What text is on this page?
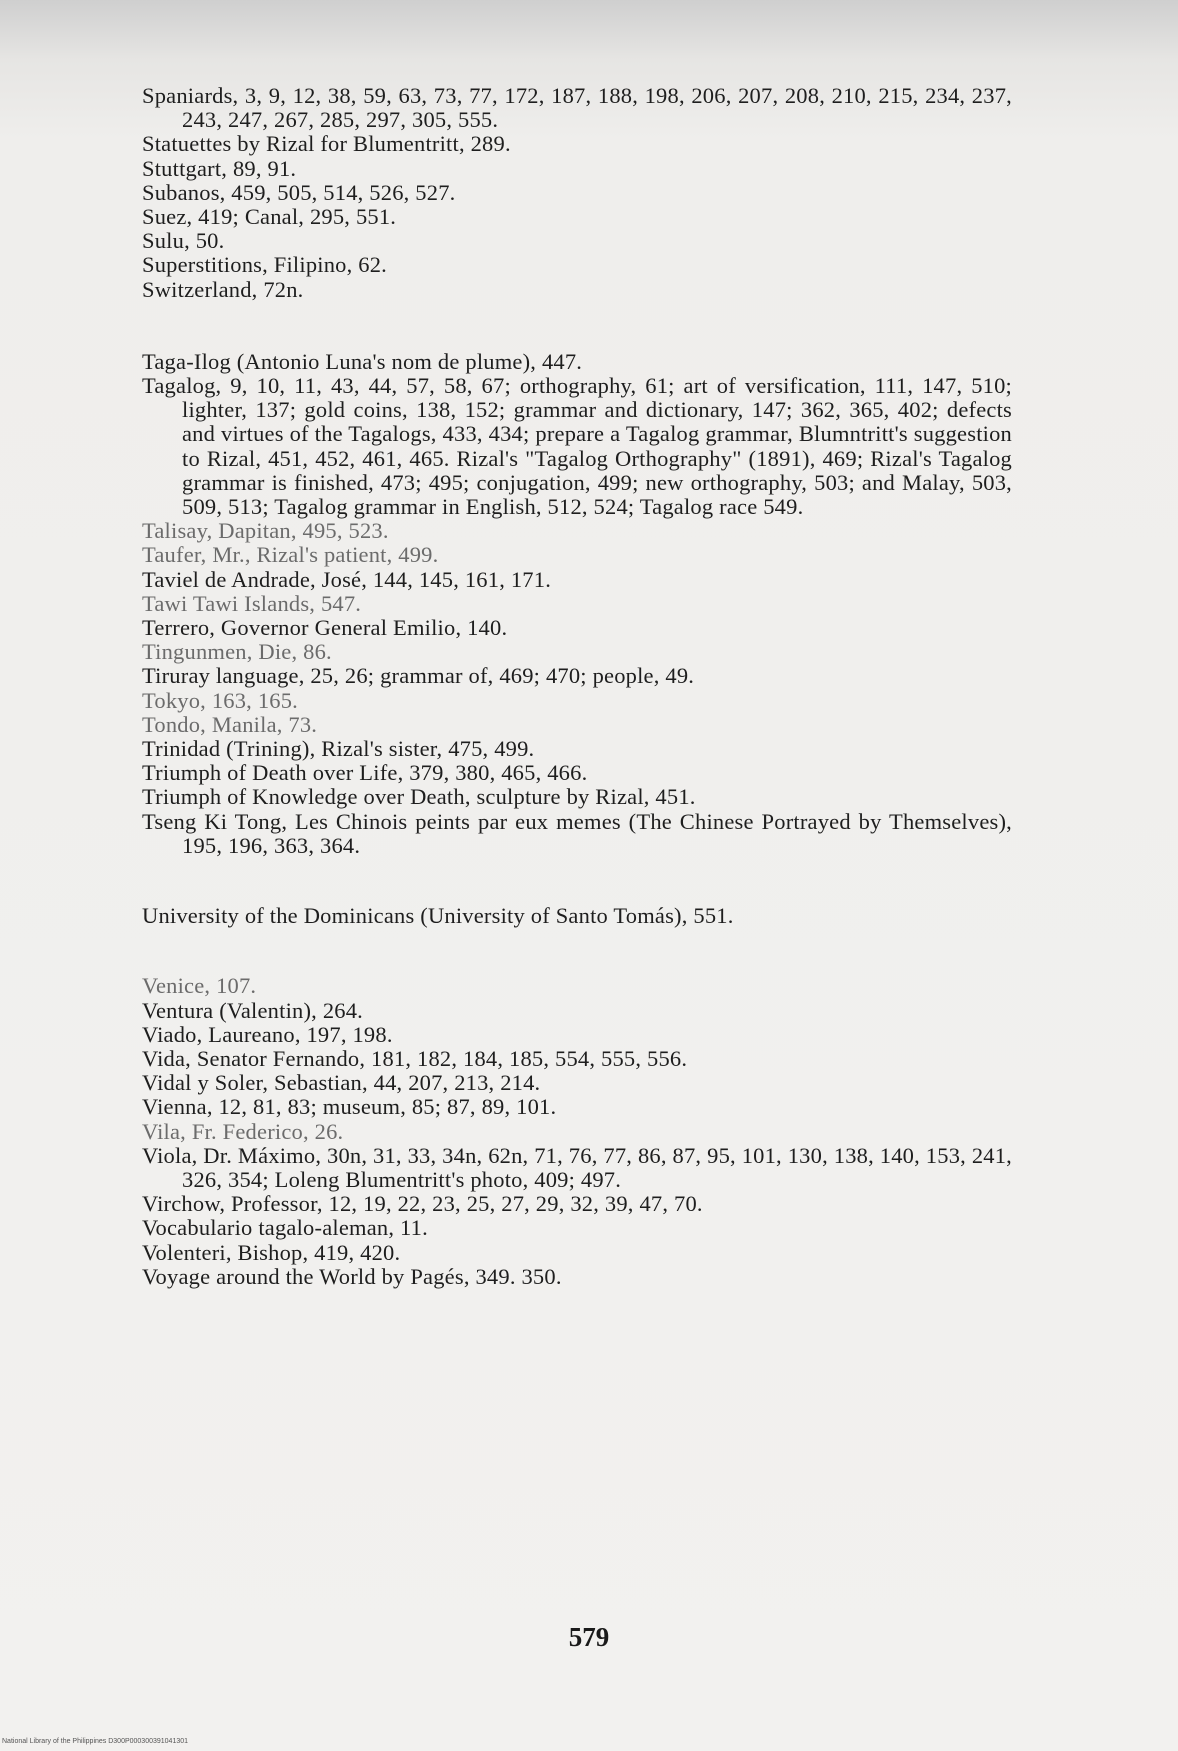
Spaniards, 3, 9, 12, 38, 59, 63, 73, 77, 172, 187, 188, 198, 206, 207, 208, 210, 215, 234, 237, 243, 247, 267, 285, 297, 305, 555.

Statuettes by Rizal for Blumentritt, 289.

Stuttgart, 89, 91.

Subanos, 459, 505, 514, 526, 527.

Suez, 419; Canal, 295, 551.

Sulu, 50.

Superstitions, Filipino, 62.

Switzerland, 72n.

Taga-Ilog (Antonio Luna's nom de plume), 447.

Tagalog, 9, 10, 11, 43, 44, 57, 58, 67; orthography, 61; art of versification, 111, 147, 510; lighter, 137; gold coins, 138, 152; grammar and dictionary, 147; 362, 365, 402; defects and virtues of the Tagalogs, 433, 434; prepare a Tagalog grammar, Blumntritt's suggestion to Rizal, 451, 452, 461, 465. Rizal's "Tagalog Orthography" (1891), 469; Rizal's Tagalog grammar is finished, 473; 495; conjugation, 499; new orthography, 503; and Malay, 503, 509, 513; Tagalog grammar in English, 512, 524; Tagalog race 549.

Talisay, Dapitan, 495, 523.

Taufer, Mr., Rizal's patient, 499.

Taviel de Andrade, José, 144, 145, 161, 171.

Tawi Tawi Islands, 547.

Terrero, Governor General Emilio, 140.

Tingunmen, Die, 86.

Tiruray language, 25, 26; grammar of, 469; 470; people, 49.

Tokyo, 163, 165.

Tondo, Manila, 73.

Trinidad (Trining), Rizal's sister, 475, 499.

Triumph of Death over Life, 379, 380, 465, 466.

Triumph of Knowledge over Death, sculpture by Rizal, 451.

Tseng Ki Tong, Les Chinois peints par eux memes (The Chinese Portrayed by Themselves), 195, 196, 363, 364.

University of the Dominicans (University of Santo Tomás), 551.

Venice, 107.

Ventura (Valentin), 264.

Viado, Laureano, 197, 198.

Vida, Senator Fernando, 181, 182, 184, 185, 554, 555, 556.

Vidal y Soler, Sebastian, 44, 207, 213, 214.

Vienna, 12, 81, 83; museum, 85; 87, 89, 101.

Vila, Fr. Federico, 26.

Viola, Dr. Máximo, 30n, 31, 33, 34n, 62n, 71, 76, 77, 86, 87, 95, 101, 130, 138, 140, 153, 241, 326, 354; Loleng Blumentritt's photo, 409; 497.

Virchow, Professor, 12, 19, 22, 23, 25, 27, 29, 32, 39, 47, 70.

Vocabulario tagalo-aleman, 11.

Volenteri, Bishop, 419, 420.

Voyage around the World by Pagés, 349. 350.

579
National Library of the Philippines D300P000300391041301
